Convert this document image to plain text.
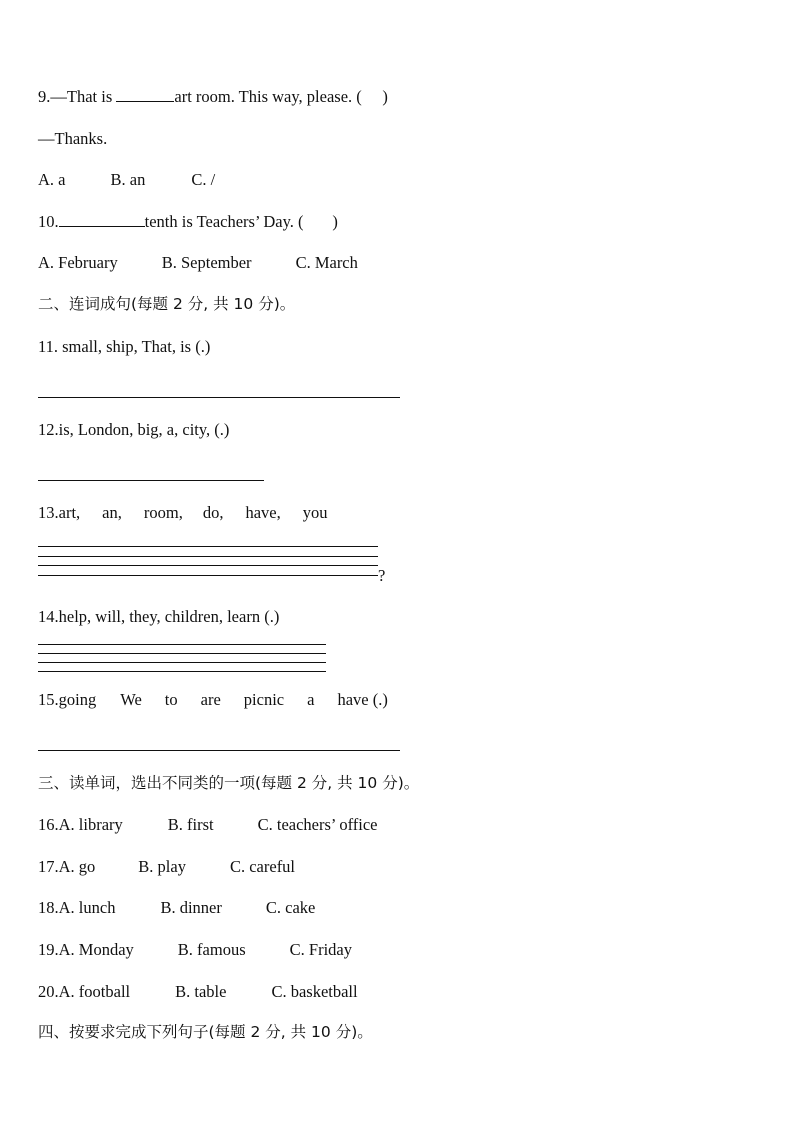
9.—That is	art room. This way, please. (     )
—Thanks.
A. a	B. an	C. /
10.	tenth is Teachers’ Day. (       )
A. February	B. September	C. March
二、连词成句(每题 2 分, 共 10 分)。
11. small, ship, That, is (.)
12.is, London, big, a, city, (.)
13.art, an, room, do, have, you
?
14.help, will, they, children, learn (.)
15.going We to are picnic a have (.)
三、读单词，选出不同类的一项(每题 2 分, 共 10 分)。
16.A. library	B. first	C. teachers’ office
17.A. go	B. play	C. careful
18.A. lunch	B. dinner	C. cake
19.A. Monday	B. famous	C. Friday
20.A. football	B. table	C. basketball
四、按要求完成下列句子(每题 2 分, 共 10 分)。
